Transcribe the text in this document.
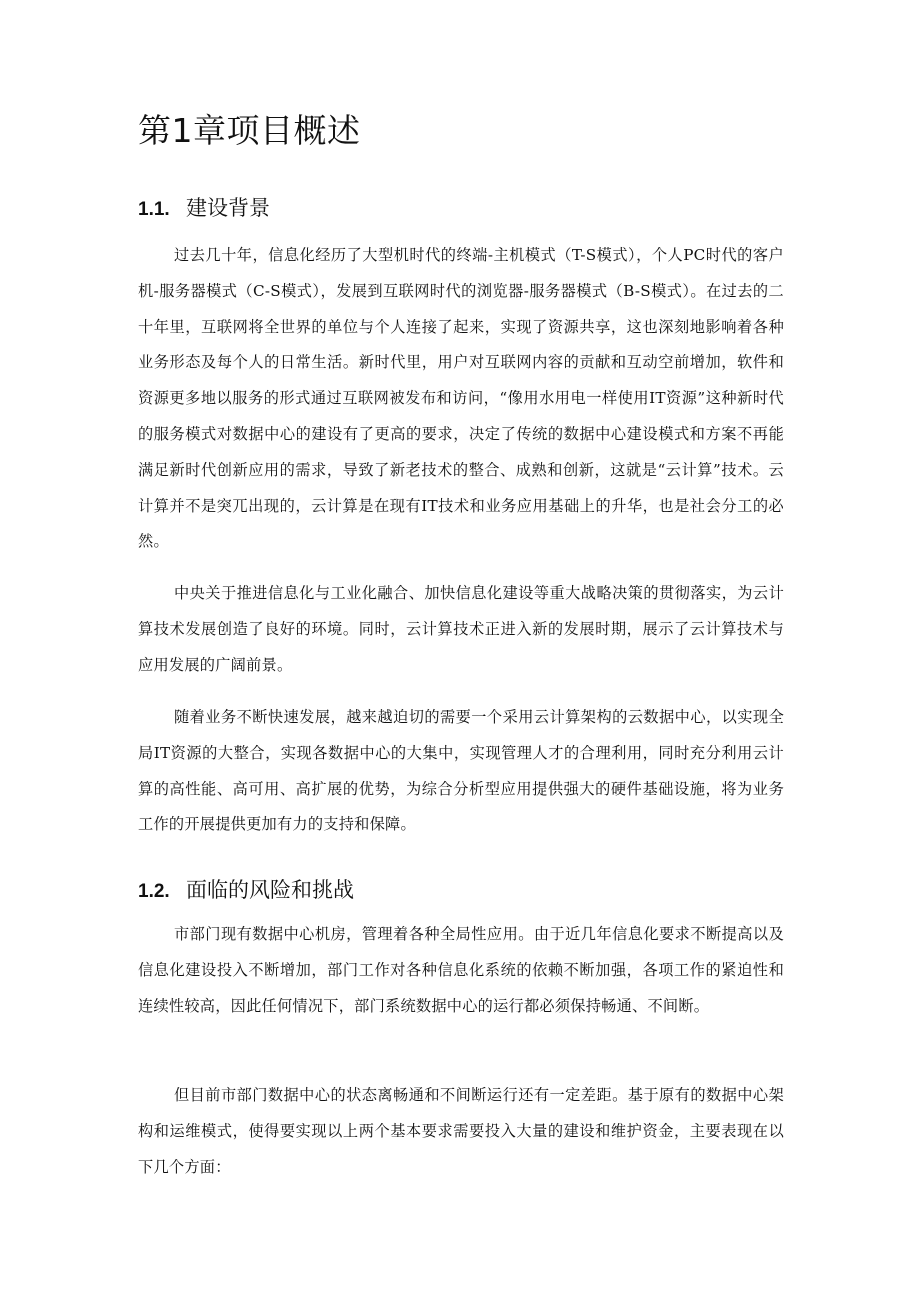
第1章项目概述
1.1. 建设背景

过去几十年，信息化经历了大型机时代的终端-主机模式（T-S模式），个人PC时代的客户机-服务器模式（C-S模式），发展到互联网时代的浏览器-服务器模式（B-S模式）。在过去的二十年里，互联网将全世界的单位与个人连接了起来，实现了资源共享，这也深刻地影响着各种业务形态及每个人的日常生活。新时代里，用户对互联网内容的贡献和互动空前增加，软件和资源更多地以服务的形式通过互联网被发布和访问，“像用水用电一样使用IT资源”这种新时代的服务模式对数据中心的建设有了更高的要求，决定了传统的数据中心建设模式和方案不再能满足新时代创新应用的需求，导致了新老技术的整合、成熟和创新，这就是“云计算”技术。云计算并不是突兀出现的，云计算是在现有IT技术和业务应用基础上的升华，也是社会分工的必然。

中央关于推进信息化与工业化融合、加快信息化建设等重大战略决策的贯彻落实，为云计算技术发展创造了良好的环境。同时，云计算技术正进入新的发展时期，展示了云计算技术与应用发展的广阔前景。

随着业务不断快速发展，越来越迫切的需要一个采用云计算架构的云数据中心，以实现全局IT资源的大整合，实现各数据中心的大集中，实现管理人才的合理利用，同时充分利用云计算的高性能、高可用、高扩展的优势，为综合分析型应用提供强大的硬件基础设施，将为业务工作的开展提供更加有力的支持和保障。

1.2. 面临的风险和挑战

市部门现有数据中心机房，管理着各种全局性应用。由于近几年信息化要求不断提高以及信息化建设投入不断增加，部门工作对各种信息化系统的依赖不断加强，各项工作的紧迫性和连续性较高，因此任何情况下，部门系统数据中心的运行都必须保持畅通、不间断。

但目前市部门数据中心的状态离畅通和不间断运行还有一定差距。基于原有的数据中心架构和运维模式，使得要实现以上两个基本要求需要投入大量的建设和维护资金，主要表现在以下几个方面：
